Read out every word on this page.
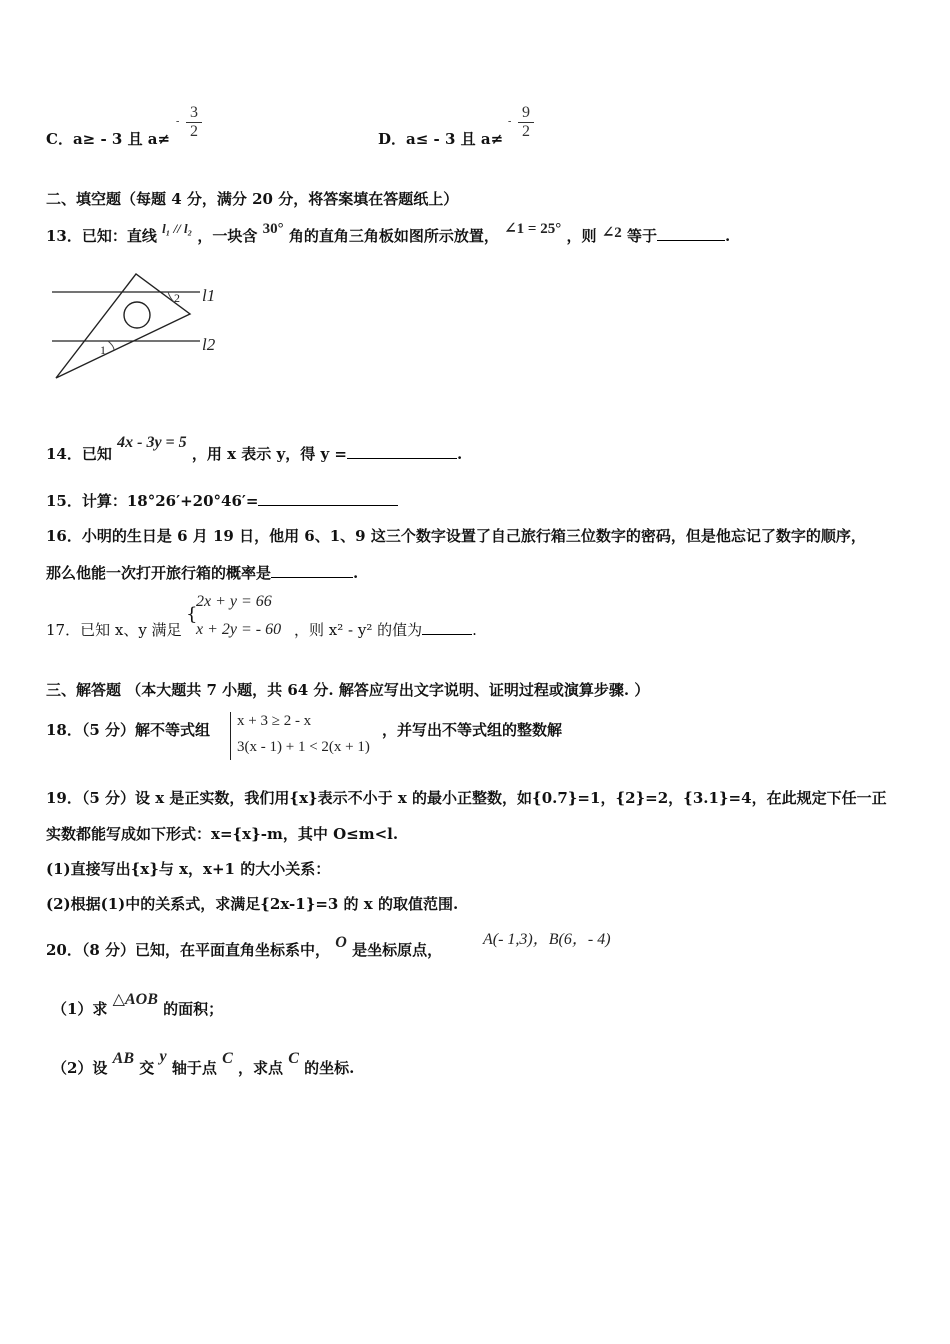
C．a≥ - 3 且 a≠
- $\frac{3}{2}$	D．a≤ - 3 且 a≠
- $\frac{9}{2}$
二、填空题（每题 4 分，满分 20 分，将答案填在答题纸上）
13．已知：直线 l₁ // l₂ ，一块含 30° 角的直角三角板如图所示放置， ∠1 = 25° ，则 ∠2 等于	.
1
2 l1
l2
14．已知 4x - 3y = 5 ，用 x 表示 y，得 y =	.
15．计算：18°26′+20°46′=
16．小明的生日是 6 月 19 日，他用 6、1、9 这三个数字设置了自己旅行箱三位数字的密码，但是他忘记了数字的顺序，
那么他能一次打开旅行箱的概率是	.
17．已知 x、y 满足
{
2x + y = 66
x + 2y = - 60 ，则 x² - y² 的值为	.
三、解答题 （本大题共 7 小题，共 64 分. 解答应写出文字说明、证明过程或演算步骤. ）
18．（5 分）解不等式组 x + 3 ≥ 2 - x
3(x - 1) + 1 < 2(x + 1)
，并写出不等式组的整数解
19．（5 分）设 x 是正实数，我们用{x}表示不小于 x 的最小正整数，如{0.7}=1，{2}=2，{3.1}=4，在此规定下任一正
实数都能写成如下形式：x={x}-m，其中 O≤m<l.
(1)直接写出{x}与 x，x+1 的大小关系：
(2)根据(1)中的关系式，求满足{2x-1}=3 的 x 的取值范围.
20．（8 分）已知，在平面直角坐标系中， O 是坐标原点，
A(- 1,3)，B(6，- 4)
（1）求 △AOB 的面积；
（2）设 AB 交 y 轴于点 C ，求点 C 的坐标.
